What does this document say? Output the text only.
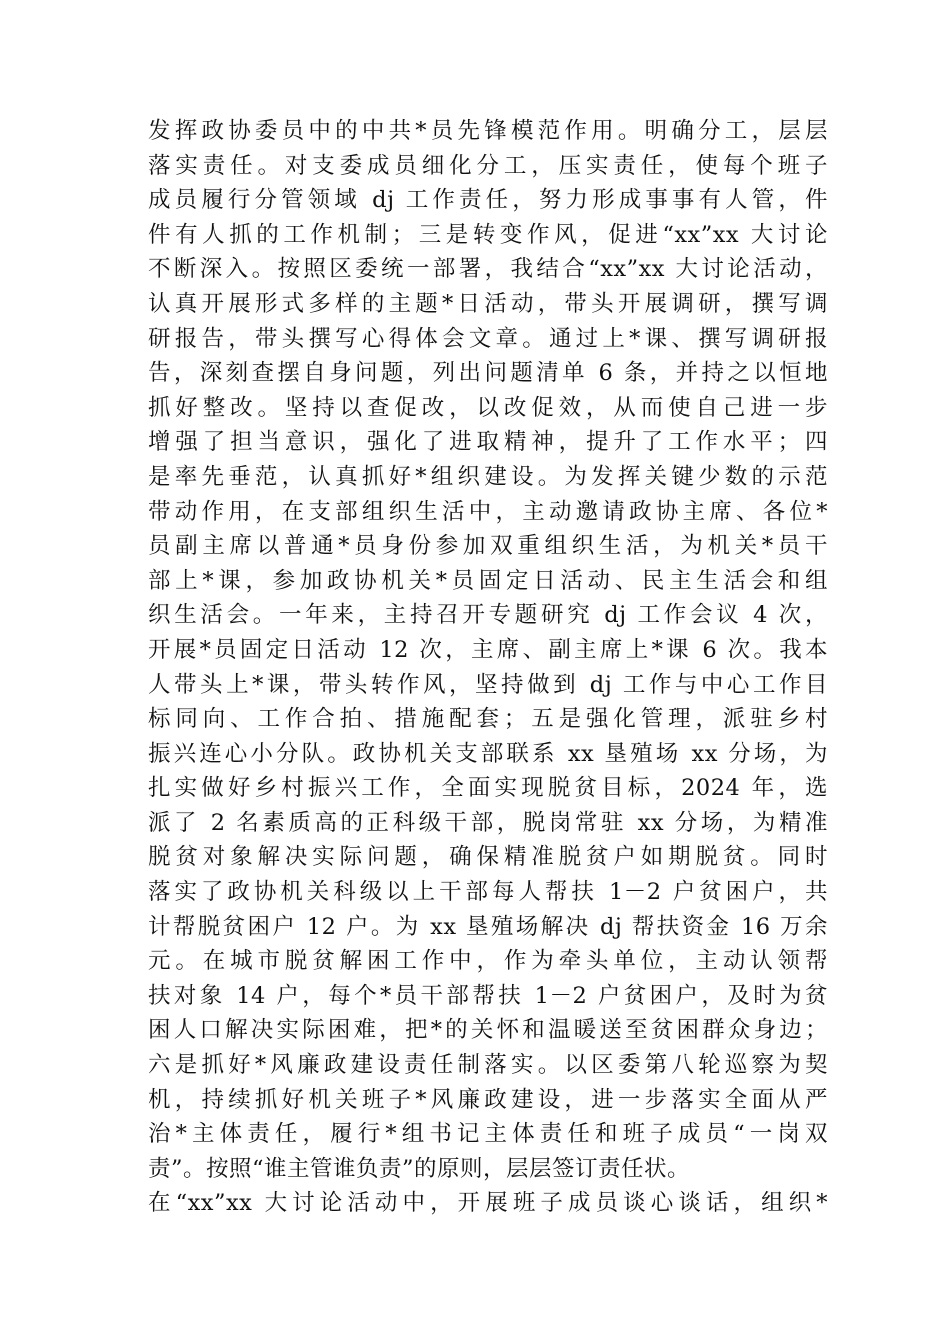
发挥政协委员中的中共*员先锋模范作用。明确分工，层层
落实责任。对支委成员细化分工，压实责任，使每个班子
成员履行分管领域 dj 工作责任，努力形成事事有人管，件
件有人抓的工作机制；三是转变作风，促进“xx”xx 大讨论
不断深入。按照区委统一部署，我结合“xx”xx 大讨论活动，
认真开展形式多样的主题*日活动，带头开展调研，撰写调
研报告，带头撰写心得体会文章。通过上*课、撰写调研报
告，深刻查摆自身问题，列出问题清单 6 条，并持之以恒地
抓好整改。坚持以查促改，以改促效，从而使自己进一步
增强了担当意识，强化了进取精神，提升了工作水平；四
是率先垂范，认真抓好*组织建设。为发挥关键少数的示范
带动作用，在支部组织生活中，主动邀请政协主席、各位*
员副主席以普通*员身份参加双重组织生活，为机关*员干
部上*课，参加政协机关*员固定日活动、民主生活会和组
织生活会。一年来，主持召开专题研究 dj 工作会议 4 次，
开展*员固定日活动 12 次，主席、副主席上*课 6 次。我本
人带头上*课，带头转作风，坚持做到 dj 工作与中心工作目
标同向、工作合拍、措施配套；五是强化管理，派驻乡村
振兴连心小分队。政协机关支部联系 xx 垦殖场 xx 分场，为
扎实做好乡村振兴工作，全面实现脱贫目标，2024 年，选
派了 2 名素质高的正科级干部，脱岗常驻 xx 分场，为精准
脱贫对象解决实际问题，确保精准脱贫户如期脱贫。同时
落实了政协机关科级以上干部每人帮扶 1－2 户贫困户，共
计帮脱贫困户 12 户。为 xx 垦殖场解决 dj 帮扶资金 16 万余
元。在城市脱贫解困工作中，作为牵头单位，主动认领帮
扶对象 14 户，每个*员干部帮扶 1－2 户贫困户，及时为贫
困人口解决实际困难，把*的关怀和温暖送至贫困群众身边；
六是抓好*风廉政建设责任制落实。以区委第八轮巡察为契
机，持续抓好机关班子*风廉政建设，进一步落实全面从严
治*主体责任，履行*组书记主体责任和班子成员“一岗双
责”。按照“谁主管谁负责”的原则，层层签订责任状。
在“xx”xx 大讨论活动中，开展班子成员谈心谈话，组织*
